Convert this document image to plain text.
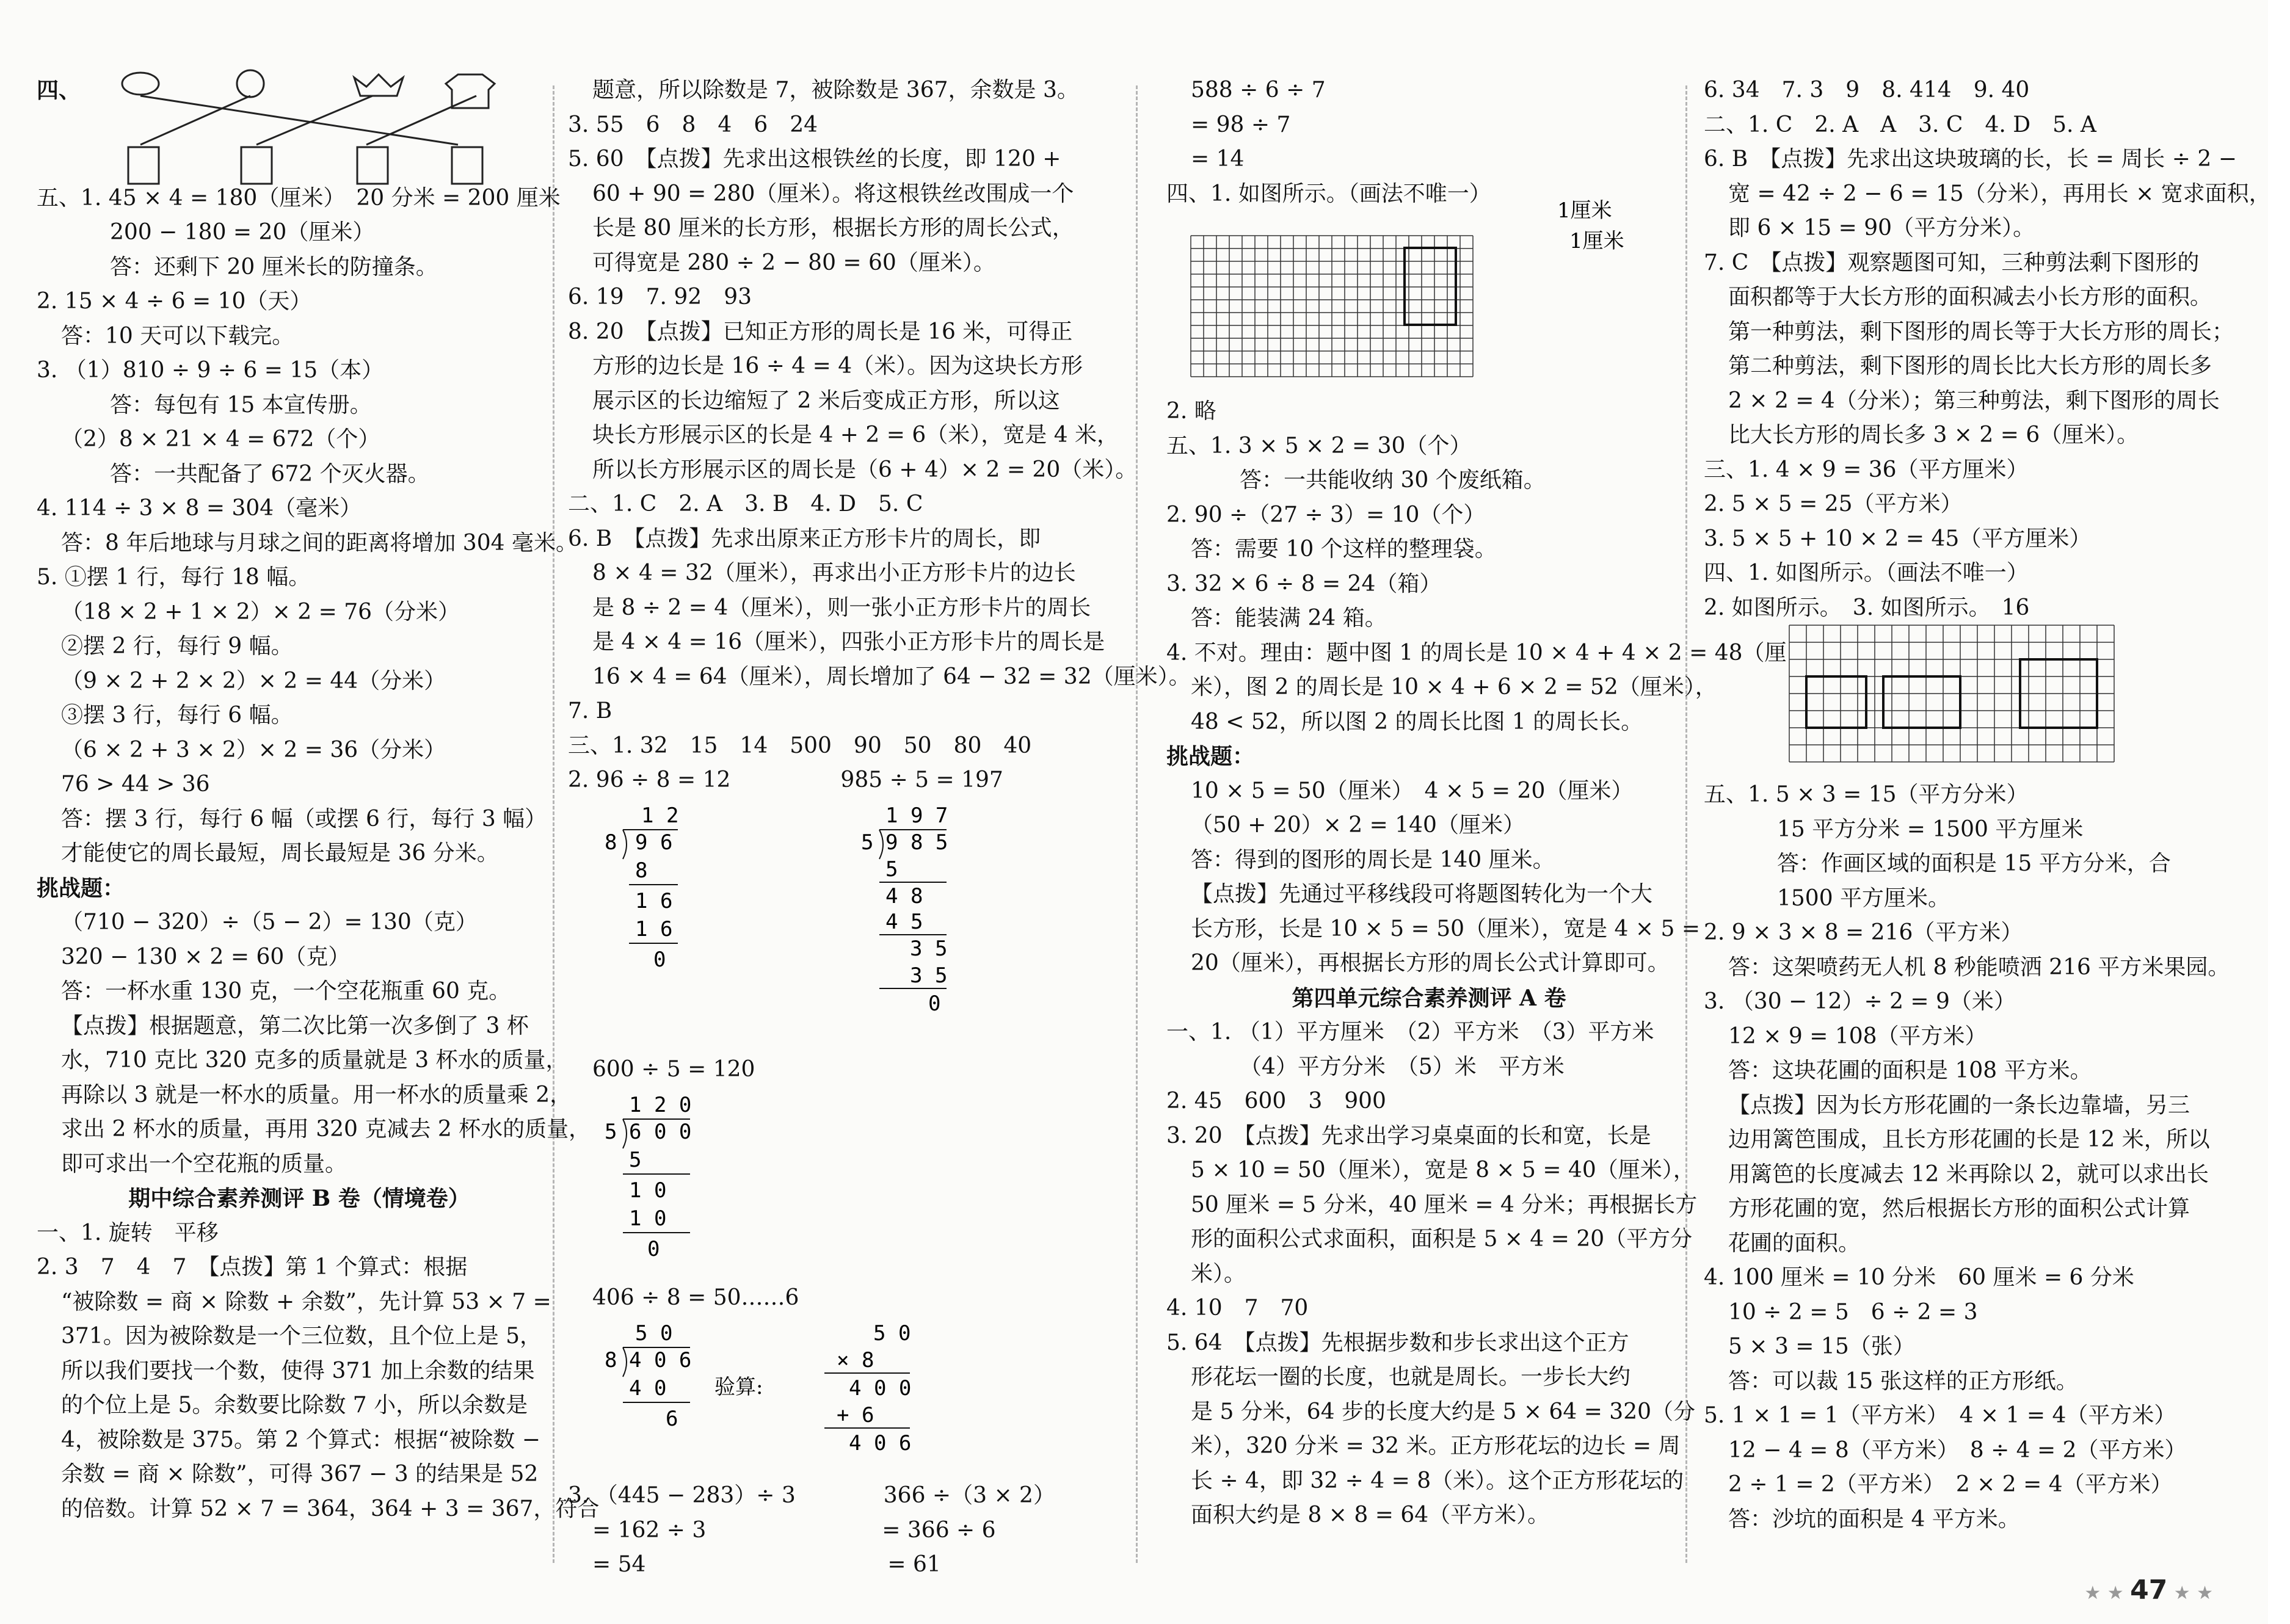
四、
五、1. 45 × 4 = 180（厘米）　20 分米 = 200 厘米
200 − 180 = 20（厘米）
答：还剩下 20 厘米长的防撞条。
2. 15 × 4 ÷ 6 = 10（天）
答：10 天可以下载完。
3. （1）810 ÷ 9 ÷ 6 = 15（本）
答：每包有 15 本宣传册。
（2）8 × 21 × 4 = 672（个）
答：一共配备了 672 个灭火器。
4. 114 ÷ 3 × 8 = 304（毫米）
答：8 年后地球与月球之间的距离将增加 304 毫米。
5. ①摆 1 行，每行 18 幅。
（18 × 2 + 1 × 2）× 2 = 76（分米）
②摆 2 行，每行 9 幅。
（9 × 2 + 2 × 2）× 2 = 44（分米）
③摆 3 行，每行 6 幅。
（6 × 2 + 3 × 2）× 2 = 36（分米）
76 > 44 > 36
答：摆 3 行，每行 6 幅（或摆 6 行，每行 3 幅）
才能使它的周长最短，周长最短是 36 分米。
挑战题：
（710 − 320）÷（5 − 2）= 130（克）
320 − 130 × 2 = 60（克）
答：一杯水重 130 克，一个空花瓶重 60 克。
【点拨】根据题意，第二次比第一次多倒了 3 杯
水，710 克比 320 克多的质量就是 3 杯水的质量，
再除以 3 就是一杯水的质量。用一杯水的质量乘 2，
求出 2 杯水的质量，再用 320 克减去 2 杯水的质量，
即可求出一个空花瓶的质量。
期中综合素养测评 B 卷（情境卷）
一、1. 旋转　平移
2. 3　7　4　7　【点拨】第 1 个算式：根据
“被除数 = 商 × 除数 + 余数”，先计算 53 × 7 =
371。因为被除数是一个三位数，且个位上是 5，
所以我们要找一个数，使得 371 加上余数的结果
的个位上是 5。余数要比除数 7 小，所以余数是
4，被除数是 375。第 2 个算式：根据“被除数 −
余数 = 商 × 除数”，可得 367 − 3 的结果是 52
的倍数。计算 52 × 7 = 364，364 + 3 = 367，符合
题意，所以除数是 7，被除数是 367，余数是 3。
3. 55　6　8　4　6　24
5. 60　【点拨】先求出这根铁丝的长度，即 120 +
60 + 90 = 280（厘米）。将这根铁丝改围成一个
长是 80 厘米的长方形，根据长方形的周长公式，
可得宽是 280 ÷ 2 − 80 = 60（厘米）。
6. 19　7. 92　93
8. 20　【点拨】已知正方形的周长是 16 米，可得正
方形的边长是 16 ÷ 4 = 4（米）。因为这块长方形
展示区的长边缩短了 2 米后变成正方形，所以这
块长方形展示区的长是 4 + 2 = 6（米），宽是 4 米，
所以长方形展示区的周长是（6 + 4）× 2 = 20（米）。
二、1. C　2. A　3. B　4. D　5. C
6. B　【点拨】先求出原来正方形卡片的周长，即
8 × 4 = 32（厘米），再求出小正方形卡片的边长
是 8 ÷ 2 = 4（厘米），则一张小正方形卡片的周长
是 4 × 4 = 16（厘米），四张小正方形卡片的周长是
16 × 4 = 64（厘米），周长增加了 64 − 32 = 32（厘米）。
7. B
三、1. 32　15　14　500　90　50　80　40
2. 96 ÷ 8 = 12　　　　　985 ÷ 5 = 197
1 2
8 9 6
8
1 6
1 6
0
1 9 7
5 9 8 5
5
4 8
4 5
3 5
3 5
0
600 ÷ 5 = 120
1 2 0
5 6 0 0
5
1 0
1 0
0
406 ÷ 8 = 50……6
5 0
8 4 0 6
4 0
6
验算:
5 0
× 8
4 0 0
+ 6
4 0 6
3. （445 − 283）÷ 3　　　　366 ÷（3 × 2）
= 162 ÷ 3　　　　　　　　= 366 ÷ 6
= 54　　　　　　　　　　　= 61
588 ÷ 6 ÷ 7
= 98 ÷ 7
= 14
四、1. 如图所示。（画法不唯一）
1厘米
1厘米
2. 略
五、1. 3 × 5 × 2 = 30（个）
答：一共能收纳 30 个废纸箱。
2. 90 ÷（27 ÷ 3）= 10（个）
答：需要 10 个这样的整理袋。
3. 32 × 6 ÷ 8 = 24（箱）
答：能装满 24 箱。
4. 不对。理由：题中图 1 的周长是 10 × 4 + 4 × 2 = 48（厘
米），图 2 的周长是 10 × 4 + 6 × 2 = 52（厘米），
48 < 52，所以图 2 的周长比图 1 的周长长。
挑战题：
10 × 5 = 50（厘米）　4 × 5 = 20（厘米）
（50 + 20）× 2 = 140（厘米）
答：得到的图形的周长是 140 厘米。
【点拨】先通过平移线段可将题图转化为一个大
长方形，长是 10 × 5 = 50（厘米），宽是 4 × 5 =
20（厘米），再根据长方形的周长公式计算即可。
第四单元综合素养测评 A 卷
一、1. （1）平方厘米　（2）平方米　（3）平方米
（4）平方分米　（5）米　平方米
2. 45　600　3　900
3. 20　【点拨】先求出学习桌桌面的长和宽，长是
5 × 10 = 50（厘米），宽是 8 × 5 = 40（厘米），
50 厘米 = 5 分米，40 厘米 = 4 分米；再根据长方
形的面积公式求面积，面积是 5 × 4 = 20（平方分
米）。
4. 10　7　70
5. 64　【点拨】先根据步数和步长求出这个正方
形花坛一圈的长度，也就是周长。一步长大约
是 5 分米，64 步的长度大约是 5 × 64 = 320（分
米），320 分米 = 32 米。正方形花坛的边长 = 周
长 ÷ 4，即 32 ÷ 4 = 8（米）。这个正方形花坛的
面积大约是 8 × 8 = 64（平方米）。
6. 34　7. 3　9　8. 414　9. 40
二、1. C　2. A　A　3. C　4. D　5. A
6. B　【点拨】先求出这块玻璃的长，长 = 周长 ÷ 2 −
宽 = 42 ÷ 2 − 6 = 15（分米），再用长 × 宽求面积，
即 6 × 15 = 90（平方分米）。
7. C　【点拨】观察题图可知，三种剪法剩下图形的
面积都等于大长方形的面积减去小长方形的面积。
第一种剪法，剩下图形的周长等于大长方形的周长；
第二种剪法，剩下图形的周长比大长方形的周长多
2 × 2 = 4（分米）；第三种剪法，剩下图形的周长
比大长方形的周长多 3 × 2 = 6（厘米）。
三、1. 4 × 9 = 36（平方厘米）
2. 5 × 5 = 25（平方米）
3. 5 × 5 + 10 × 2 = 45（平方厘米）
四、1. 如图所示。（画法不唯一）
2. 如图所示。　3. 如图所示。　16
五、1. 5 × 3 = 15（平方分米）
15 平方分米 = 1500 平方厘米
答：作画区域的面积是 15 平方分米，合
1500 平方厘米。
2. 9 × 3 × 8 = 216（平方米）
答：这架喷药无人机 8 秒能喷洒 216 平方米果园。
3. （30 − 12）÷ 2 = 9（米）
12 × 9 = 108（平方米）
答：这块花圃的面积是 108 平方米。
【点拨】因为长方形花圃的一条长边靠墙，另三
边用篱笆围成，且长方形花圃的长是 12 米，所以
用篱笆的长度减去 12 米再除以 2，就可以求出长
方形花圃的宽，然后根据长方形的面积公式计算
花圃的面积。
4. 100 厘米 = 10 分米　60 厘米 = 6 分米
10 ÷ 2 = 5　6 ÷ 2 = 3
5 × 3 = 15（张）
答：可以裁 15 张这样的正方形纸。
5. 1 × 1 = 1（平方米）　4 × 1 = 4（平方米）
12 − 4 = 8（平方米）　8 ÷ 4 = 2（平方米）
2 ÷ 1 = 2（平方米）　2 × 2 = 4（平方米）
答：沙坑的面积是 4 平方米。
★ ★ 47 ★ ★
